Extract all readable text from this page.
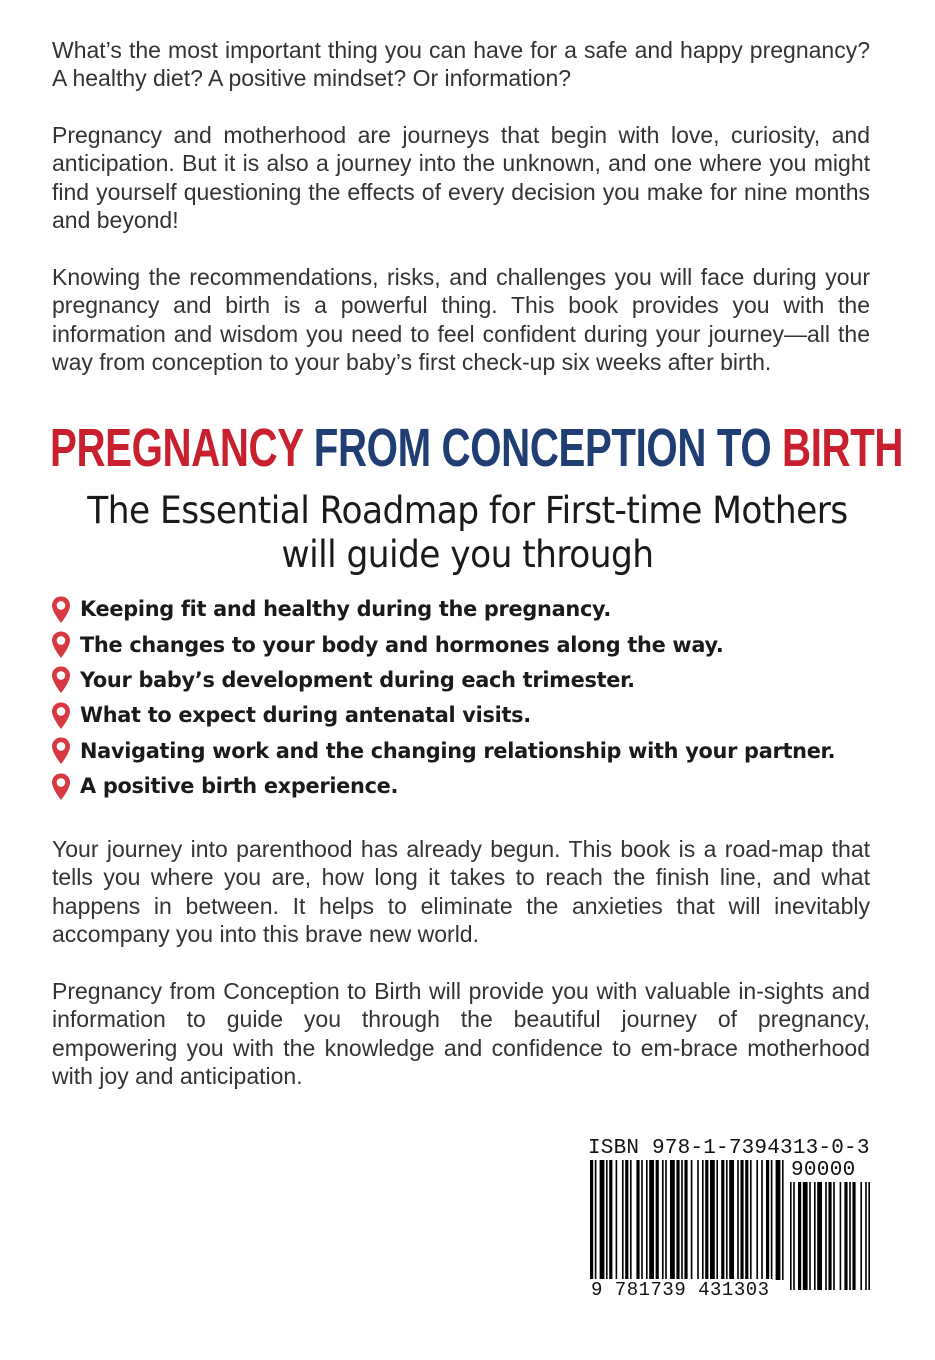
What’s the most important thing you can have for a safe and happy pregnancy? A healthy diet? A positive mindset? Or information?

Pregnancy and motherhood are journeys that begin with love, curiosity, and anticipation. But it is also a journey into the unknown, and one where you might find yourself questioning the effects of every decision you make for nine months and beyond!

Knowing the recommendations, risks, and challenges you will face during your pregnancy and birth is a powerful thing. This book provides you with the information and wisdom you need to feel confident during your journey—all the way from conception to your baby’s first check-up six weeks after birth.

PREGNANCY FROM CONCEPTION TO BIRTH

The Essential Roadmap for First-time Mothers

will guide you through

Keeping fit and healthy during the pregnancy.
The changes to your body and hormones along the way.
Your baby’s development during each trimester.
What to expect during antenatal visits.
Navigating work and the changing relationship with your partner.
A positive birth experience.

Your journey into parenthood has already begun. This book is a road-map that tells you where you are, how long it takes to reach the finish line, and what happens in between. It helps to eliminate the anxieties that will inevitably accompany you into this brave new world.

Pregnancy from Conception to Birth will provide you with valuable in-sights and information to guide you through the beautiful journey of pregnancy, empowering you with the knowledge and confidence to em-brace motherhood with joy and anticipation.

ISBN 978-1-7394313-0-3
90000
9 781739 431303
